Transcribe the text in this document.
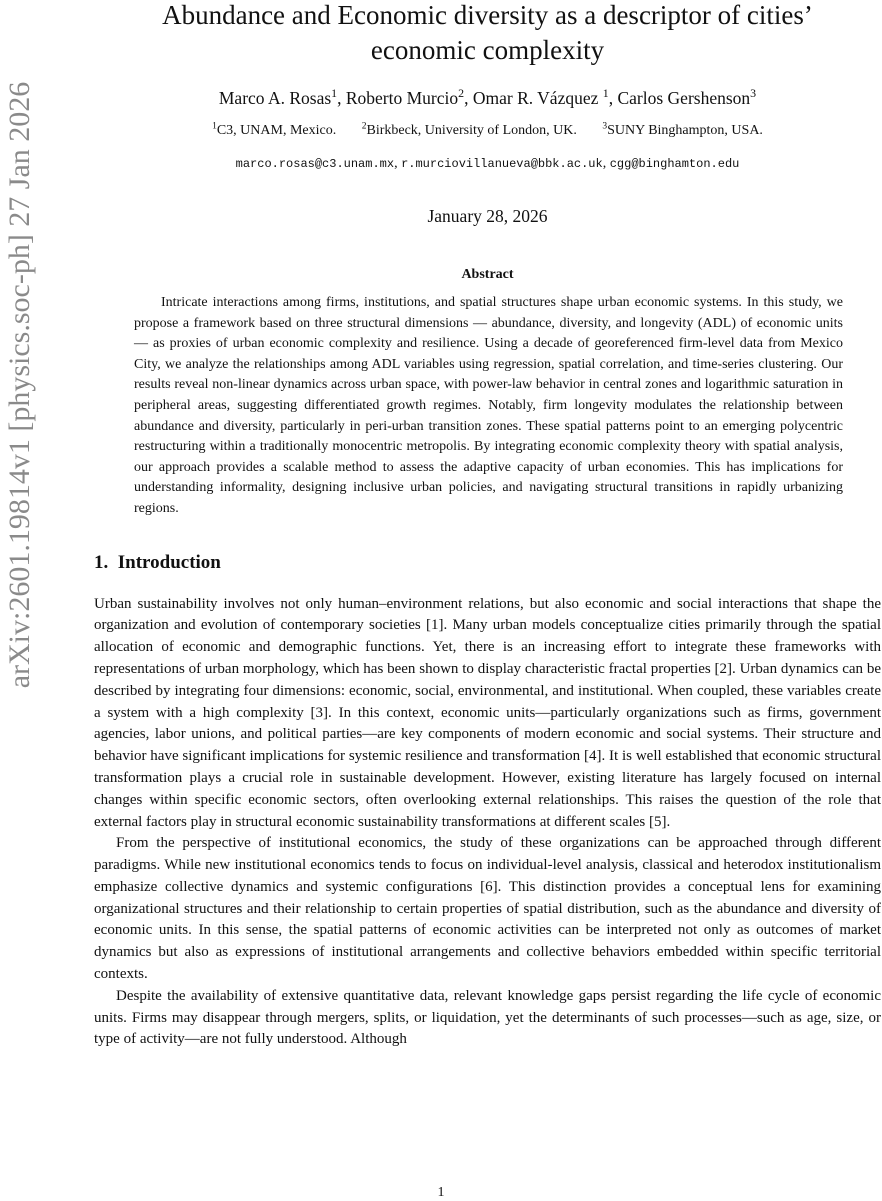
arXiv:2601.19814v1 [physics.soc-ph] 27 Jan 2026
Abundance and Economic diversity as a descriptor of cities’ economic complexity
Marco A. Rosas$^1$, Roberto Murcio$^2$, Omar R. Vázquez $^1$, Carlos Gershenson$^3$
$^1$C3, UNAM, Mexico.	$^2$Birkbeck, University of London, UK.	$^3$SUNY Binghampton, USA.
marco.rosas@c3.unam.mx, r.murciovillanueva@bbk.ac.uk, cgg@binghamton.edu
January 28, 2026
Abstract

Intricate interactions among firms, institutions, and spatial structures shape urban economic systems. In this study, we propose a framework based on three structural dimensions — abundance, diversity, and longevity (ADL) of economic units — as proxies of urban economic complexity and resilience. Using a decade of georeferenced firm-level data from Mexico City, we analyze the relationships among ADL variables using regression, spatial correlation, and time-series clustering. Our results reveal non-linear dynamics across urban space, with power-law behavior in central zones and logarithmic saturation in peripheral areas, suggesting differentiated growth regimes. Notably, firm longevity modulates the relationship between abundance and diversity, particularly in peri-urban transition zones. These spatial patterns point to an emerging polycentric restructuring within a traditionally monocentric metropolis. By integrating economic complexity theory with spatial analysis, our approach provides a scalable method to assess the adaptive capacity of urban economies. This has implications for understanding informality, designing inclusive urban policies, and navigating structural transitions in rapidly urbanizing regions.

1. Introduction

Urban sustainability involves not only human–environment relations, but also economic and social interactions that shape the organization and evolution of contemporary societies [1]. Many urban models conceptualize cities primarily through the spatial allocation of economic and demographic functions. Yet, there is an increasing effort to integrate these frameworks with representations of urban morphology, which has been shown to display characteristic fractal properties [2]. Urban dynamics can be described by integrating four dimensions: economic, social, environmental, and institutional. When coupled, these variables create a system with a high complexity [3]. In this context, economic units—particularly organizations such as firms, government agencies, labor unions, and political parties—are key components of modern economic and social systems. Their structure and behavior have significant implications for systemic resilience and transformation [4]. It is well established that economic structural transformation plays a crucial role in sustainable development. However, existing literature has largely focused on internal changes within specific economic sectors, often overlooking external relationships. This raises the question of the role that external factors play in structural economic sustainability transformations at different scales [5].

From the perspective of institutional economics, the study of these organizations can be approached through different paradigms. While new institutional economics tends to focus on individual-level analysis, classical and heterodox institutionalism emphasize collective dynamics and systemic configurations [6]. This distinction provides a conceptual lens for examining organizational structures and their relationship to certain properties of spatial distribution, such as the abundance and diversity of economic units. In this sense, the spatial patterns of economic activities can be interpreted not only as outcomes of market dynamics but also as expressions of institutional arrangements and collective behaviors embedded within specific territorial contexts.

Despite the availability of extensive quantitative data, relevant knowledge gaps persist regarding the life cycle of economic units. Firms may disappear through mergers, splits, or liquidation, yet the determinants of such processes—such as age, size, or type of activity—are not fully understood. Although

1
